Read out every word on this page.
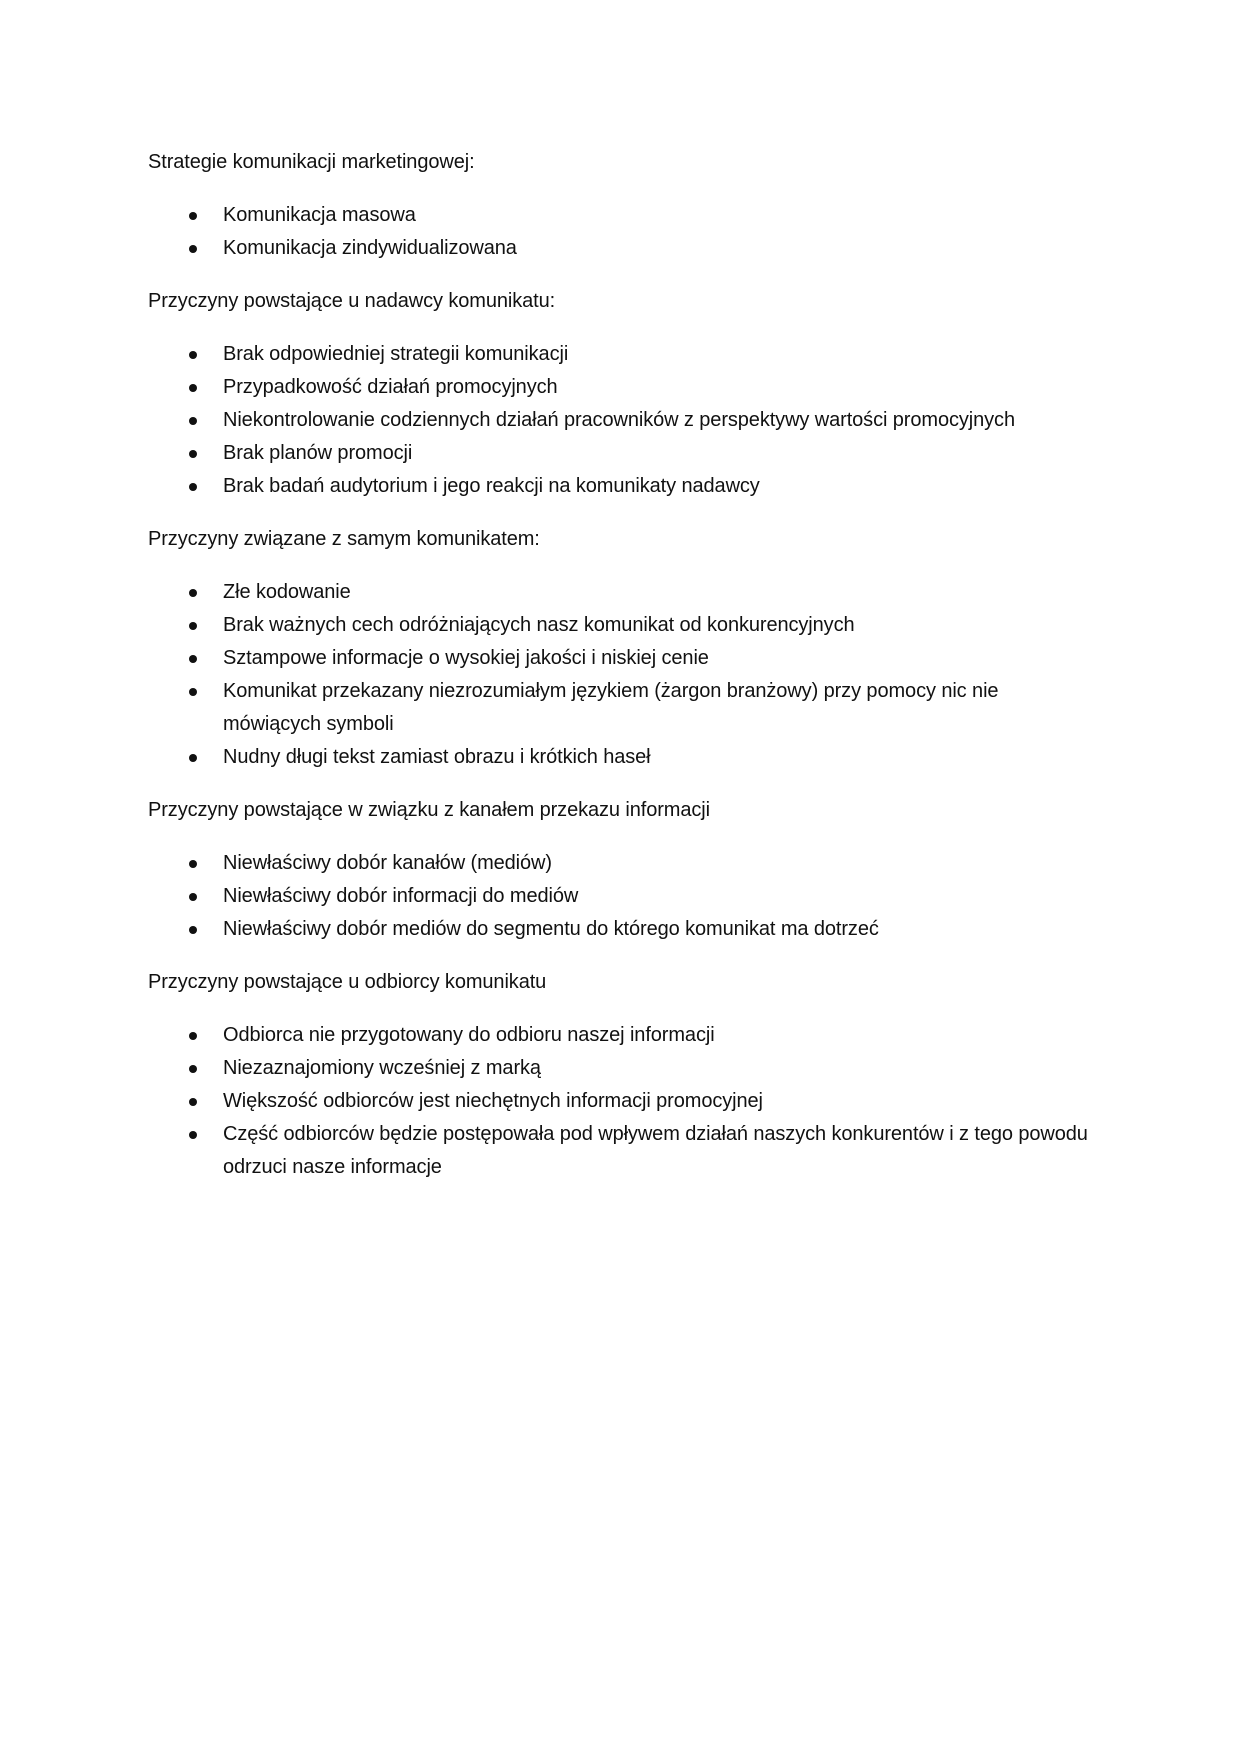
Strategie komunikacji marketingowej:

Komunikacja masowa
Komunikacja zindywidualizowana

Przyczyny powstające u nadawcy komunikatu:

Brak odpowiedniej strategii komunikacji
Przypadkowość działań promocyjnych
Niekontrolowanie codziennych działań pracowników z perspektywy wartości promocyjnych
Brak planów promocji
Brak badań audytorium i jego reakcji na komunikaty nadawcy

Przyczyny związane z samym komunikatem:

Złe kodowanie
Brak ważnych cech odróżniających nasz komunikat od konkurencyjnych
Sztampowe informacje o wysokiej jakości i niskiej cenie
Komunikat przekazany niezrozumiałym językiem (żargon branżowy) przy pomocy nic nie mówiących symboli
Nudny długi tekst zamiast obrazu i krótkich haseł

Przyczyny powstające w związku z kanałem przekazu informacji

Niewłaściwy dobór kanałów (mediów)
Niewłaściwy dobór informacji do mediów
Niewłaściwy dobór mediów do segmentu do którego komunikat ma dotrzeć

Przyczyny powstające u odbiorcy komunikatu

Odbiorca nie przygotowany do odbioru naszej informacji
Niezaznajomiony wcześniej z marką
Większość odbiorców jest niechętnych informacji promocyjnej
Część odbiorców będzie postępowała pod wpływem działań naszych konkurentów i z tego powodu odrzuci nasze informacje
